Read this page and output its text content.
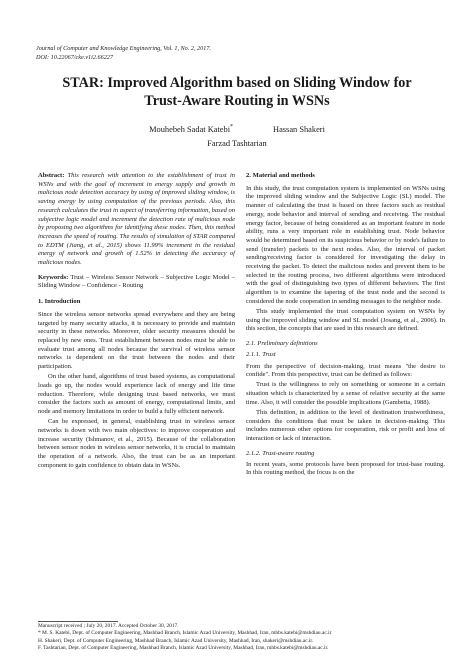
Journal of Computer and Knowledge Engineering, Vol. 1, No. 2, 2017.
DOI: 10.22067/cke.v1i2.66227
STAR: Improved Algorithm based on Sliding Window for
Trust-Aware Routing in WSNs
Mouhebeh Sadat Katebi*	Hassan Shakeri
Farzad Tashtarian

Abstract: This research with attention to the establishment of trust in WSNs and with the goal of increment in energy supply and growth in malicious node detection accuracy by using of improved sliding window, is saving energy by using computation of the previous periods. Also, this research calculates the trust in aspect of transferring information, based on subjective logic model and increment the detection rate of malicious node by proposing two algorithms for identifying these nodes. Then, this method increases the speed of routing. The results of simulation of STAR compared to EDTM (Jiang, et al., 2015) shows 11.99% increment in the residual energy of network and growth of 1.52% in detecting the accuracy of malicious nodes.

Keywords: Trust – Wireless Sensor Network – Subjective Logic Model – Sliding Window – Confidence - Routing

1. Introduction

Since the wireless sensor networks spread everywhere and they are being targeted by many security attacks, it is necessary to provide and maintain security in these networks. Moreover, older security measures should be replaced by new ones. Trust establishment between nodes must be able to evaluate trust among all nodes because the survival of wireless sensor networks is dependent on the trust between the nodes and their participation.

On the other hand, algorithms of trust based systems, as computational loads go up, the nodes would experience lack of energy and life time reduction. Therefore, while designing trust based networks, we must consider the factors such as amount of energy, computational limits, and node and memory limitations in order to build a fully efficient network.

Can be expressed, in general, establishing trust in wireless sensor networks is down with two main objectives: to improve cooperation and increase security (Ishmanov, et al., 2015). Because of the collaboration between sensor nodes in wireless sensor networks, it is crucial to maintain the operation of a network. Also, the trust can be as an important component to gain confidence to obtain data in WSNs.

2. Material and methods

In this study, the trust computation system is implemented on WSNs using the improved sliding window and the Subjective Logic (SL) model. The manner of calculating the trust is based on three factors such as residual energy, node behavior and interval of sending and receiving. The residual energy factor, because of being considered as an important feature in node ability, runs a very important role in establishing trust. Node behavior would be determined based on its suspicious behavior or by node's failure to send (transfer) packets to the next nodes. Also, the interval of packet sending/receiving factor is considered for investigating the delay in receiving the packet. To detect the malicious nodes and prevent them to be selected in the routing process, two different algorithms were introduced with the goal of distinguishing two types of different behaviors. The first algorithm is to examine the tapering of the trust node and the second is considered the node cooperation in sending messages to the neighbor node.

This study implemented the trust computation system on WSNs by using the improved sliding window and SL model (Josang, et al., 2006). In this section, the concepts that are used in this research are defined.

2.1. Preliminary definitions

2.1.1. Trust

From the perspective of decision-making, trust means "the desire to confide". From this perspective, trust can be defined as follows:

Trust is the willingness to rely on something or someone in a certain situation which is characterized by a sense of relative security at the same time. Also, it will consider the possible implications (Gambetta, 1988).

This definition, in addition to the level of destination trustworthiness, considers the conditions that must be taken in decision-making. This includes numerous other options for cooperation, risk or profit and loss of interaction or lack of interaction.

2.1.2. Trust-aware routing

In recent years, some protocols have been proposed for trust-base routing. In this routing method, the focus is on the

Manuscript received ; July 20, 2017. Accepted October 30, 2017.
* M. S. Katebi, Dept. of Computer Engineering, Mashhad Branch, Islamic Azad University, Mashhad, Iran, mhbs.katebi@mshdiau.ac.ir
H. Shakeri, Dept. of Computer Engineering, Mashhad Branch, Islamic Azad University, Mashhad, Iran, shakeri@mshdiau.ac.ir.
F. Tashtarian, Dept. of Computer Engineering, Mashhad Branch, Islamic Azad University, Mashhad, Iran, mhbs.katebi@mshdiau.ac.ir.
